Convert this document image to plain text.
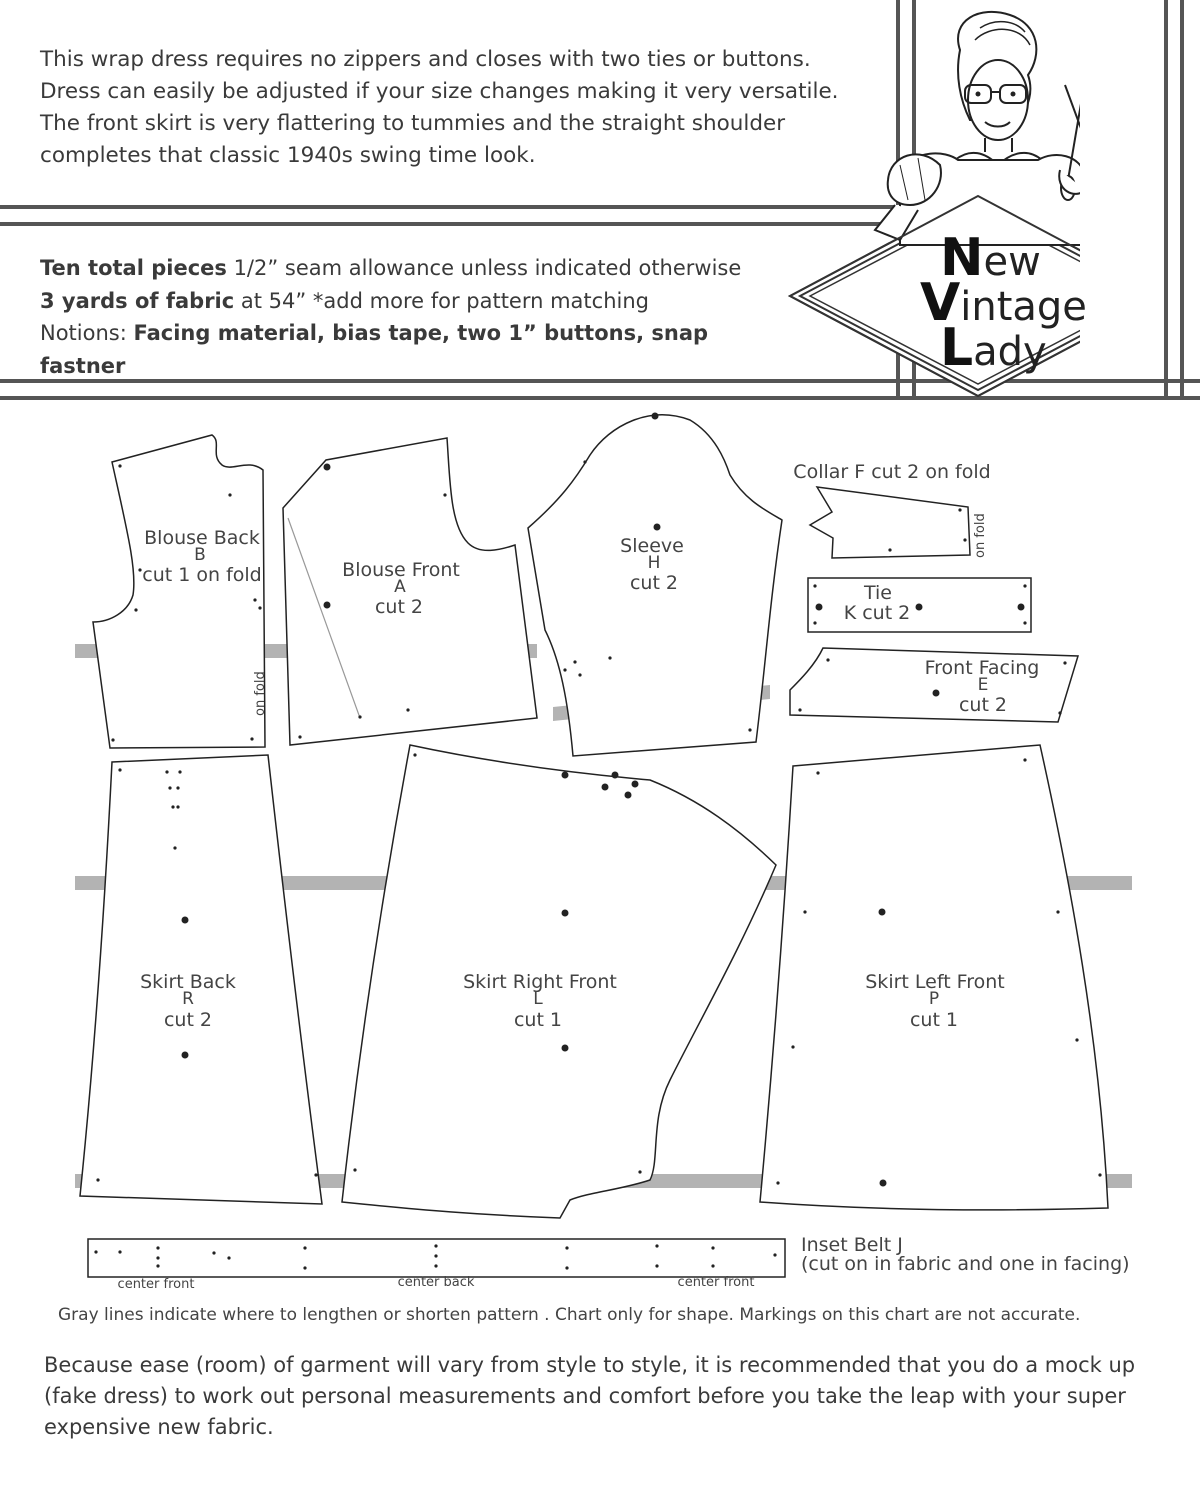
This wrap dress requires no zippers and closes with two ties or buttons.
Dress can easily be adjusted if your size changes making it very versatile.
The front skirt is very flattering to tummies and the straight shoulder
completes that classic 1940s swing time look.

Ten total pieces 1/2” seam allowance unless indicated otherwise
3 yards of fabric at 54” *add more for pattern matching
Notions: Facing material, bias tape, two 1” buttons, snap fastner
New
Vintage
Lady
Blouse Back
B
cut 1 on fold	Blouse Front
A
cut 2
Sleeve
H
cut 2
Collar F cut 2 on fold
Tie
K cut 2
Front Facing
E
cut 2
Skirt Back
R
cut 2
Skirt Right Front
L
cut 1
Skirt Left Front
P
cut 1
Inset Belt J
(cut on in fabric and one in facing)
on fold
on fold
center front	center back	center front
Gray lines indicate where to lengthen or shorten pattern . Chart only for shape. Markings on this chart are not accurate.

Because ease (room) of garment will vary from style to style, it is recommended that you do a mock up (fake dress) to work out personal measurements and comfort before you take the leap with your super expensive new fabric.
